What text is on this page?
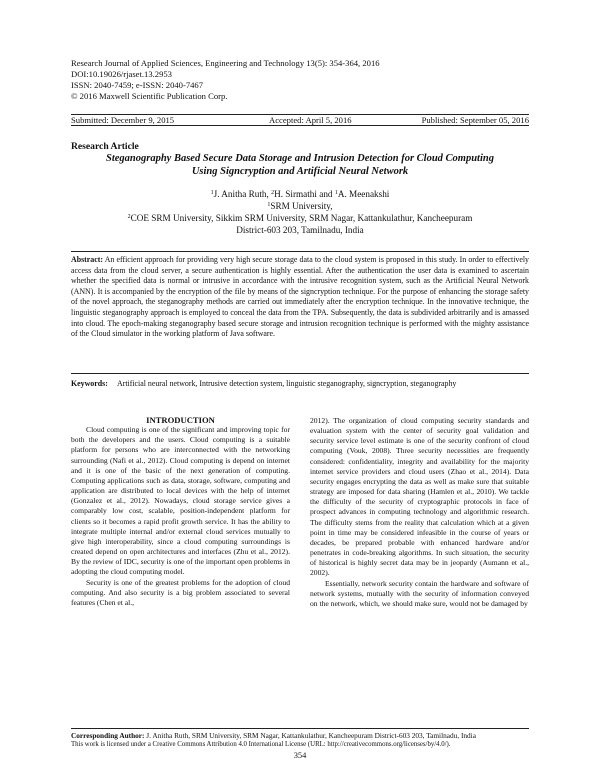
Research Journal of Applied Sciences, Engineering and Technology 13(5): 354-364, 2016
DOI:10.19026/rjaset.13.2953
ISSN: 2040-7459; e-ISSN: 2040-7467
© 2016 Maxwell Scientific Publication Corp.
Submitted: December 9, 2015	Accepted: April 5, 2016	Published: September 05, 2016
Research Article
Steganography Based Secure Data Storage and Intrusion Detection for Cloud Computing
Using Signcryption and Artificial Neural Network
$^1$J. Anitha Ruth, $^2$H. Sirmathi and $^1$A. Meenakshi
$^1$SRM University,
$^2$COE SRM University, Sikkim SRM University, SRM Nagar, Kattankulathur, Kancheepuram
District-603 203, Tamilnadu, India
Abstract: An efficient approach for providing very high secure storage data to the cloud system is proposed in this study. In order to effectively access data from the cloud server, a secure authentication is highly essential. After the authentication the user data is examined to ascertain whether the specified data is normal or intrusive in accordance with the intrusive recognition system, such as the Artificial Neural Network (ANN). It is accompanied by the encryption of the file by means of the signcryption technique. For the purpose of enhancing the storage safety of the novel approach, the steganography methods are carried out immediately after the encryption technique. In the innovative technique, the linguistic steganography approach is employed to conceal the data from the TPA. Subsequently, the data is subdivided arbitrarily and is amassed into cloud. The epoch-making steganography based secure storage and intrusion recognition technique is performed with the mighty assistance of the Cloud simulator in the working platform of Java software.
Keywords: Artificial neural network, Intrusive detection system, linguistic steganography, signcryption, steganography

INTRODUCTION

Cloud computing is one of the significant and improving topic for both the developers and the users. Cloud computing is a suitable platform for persons who are interconnected with the networking surrounding (Nafi et al., 2012). Cloud computing is depend on internet and it is one of the basic of the next generation of computing. Computing applications such as data, storage, software, computing and application are distributed to local devices with the help of internet (Gonzalez et al., 2012). Nowadays, cloud storage service gives a comparably low cost, scalable, position-independent platform for clients so it becomes a rapid profit growth service. It has the ability to integrate multiple internal and/or external cloud services mutually to give high interoperability, since a cloud computing surroundings is created depend on open architectures and interfaces (Zhu et al., 2012). By the review of IDC, security is one of the important open problems in adopting the cloud computing model.

Security is one of the greatest problems for the adoption of cloud computing. And also security is a big problem associated to several features (Chen et al.,

2012). The organization of cloud computing security standards and evaluation system with the center of security goal validation and security service level estimate is one of the security confront of cloud computing (Vouk, 2008). Three security necessities are frequently considered: confidentiality, integrity and availability for the majority internet service providers and cloud users (Zhao et al., 2014). Data security engages encrypting the data as well as make sure that suitable strategy are imposed for data sharing (Hamlen et al., 2010). We tackle the difficulty of the security of cryptographic protocols in face of prospect advances in computing technology and algorithmic research. The difficulty stems from the reality that calculation which at a given point in time may be considered infeasible in the course of years or decades, be prepared probable with enhanced hardware and/or penetrates in code-breaking algorithms. In such situation, the security of historical is highly secret data may be in jeopardy (Aumann et al., 2002).

Essentially, network security contain the hardware and software of network systems, mutually with the security of information conveyed on the network, which, we should make sure, would not be damaged by

Corresponding Author: J. Anitha Ruth, SRM University, SRM Nagar, Kattankulathur, Kancheepuram District-603 203, Tamilnadu, India
This work is licensed under a Creative Commons Attribution 4.0 International License (URL: http://creativecommons.org/licenses/by/4.0/).
354
